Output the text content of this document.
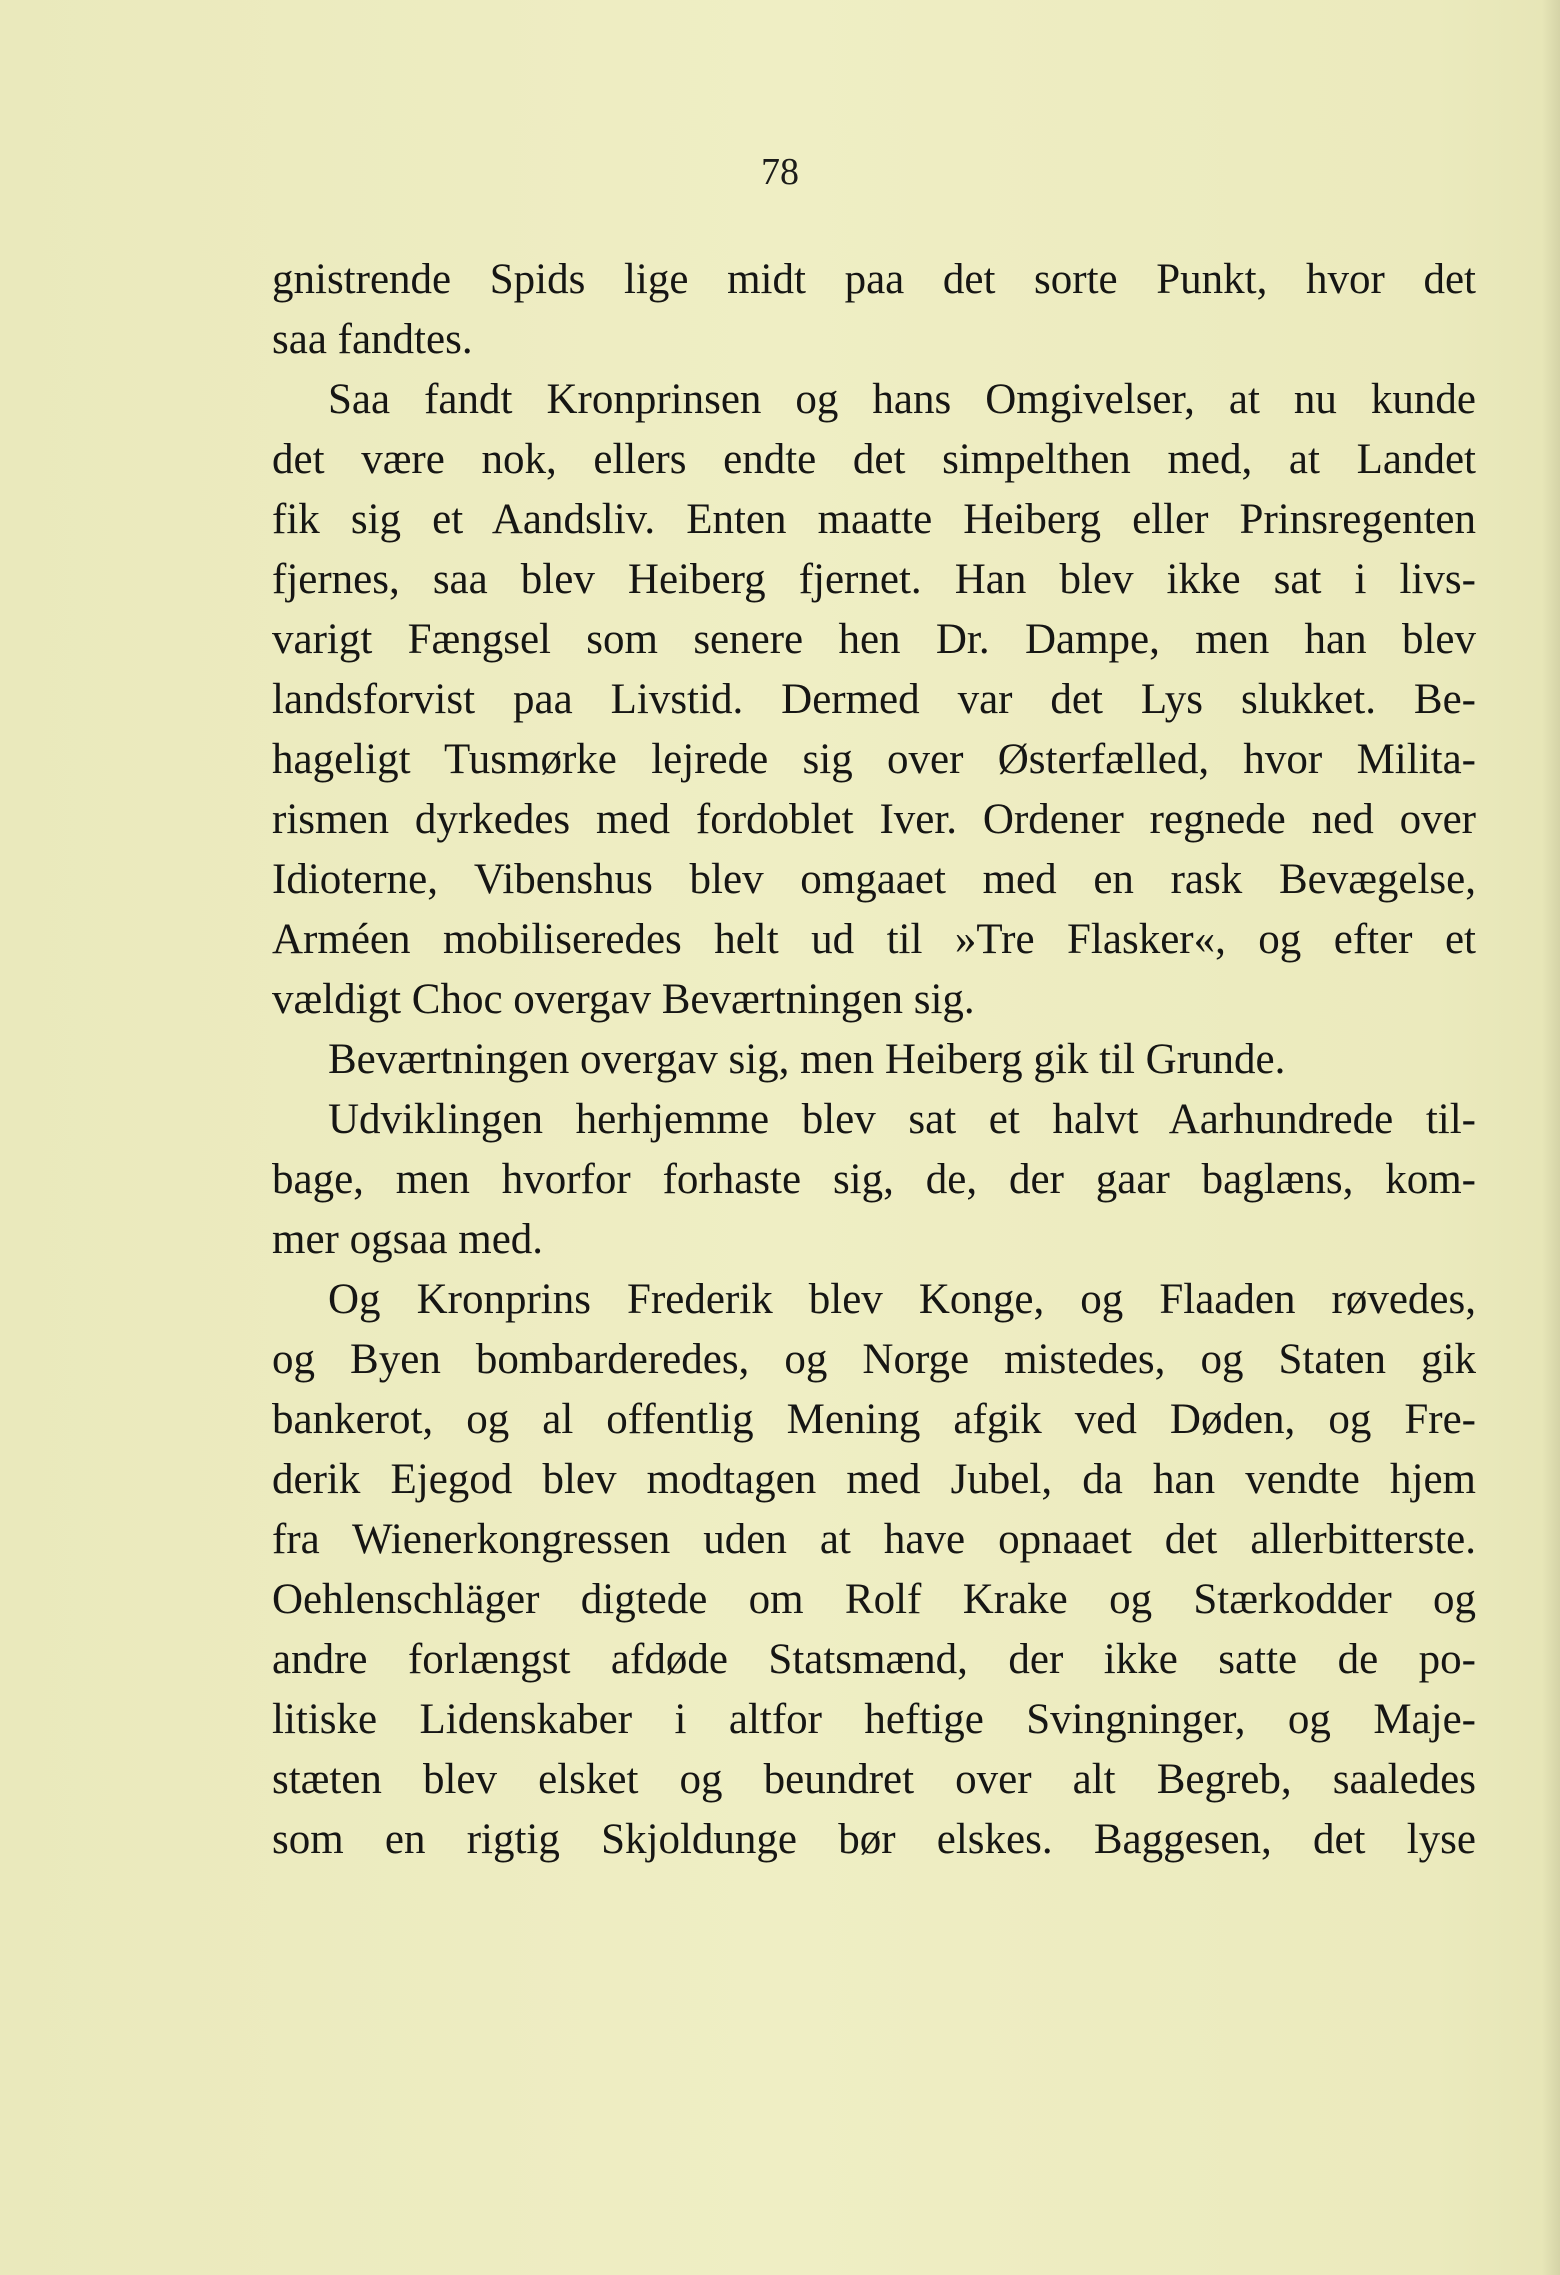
78
gnistrende Spids lige midt paa det sorte Punkt, hvor det
saa fandtes.
Saa fandt Kronprinsen og hans Omgivelser, at nu kunde
det være nok, ellers endte det simpelthen med, at Landet
fik sig et Aandsliv. Enten maatte Heiberg eller Prinsregenten
fjernes, saa blev Heiberg fjernet. Han blev ikke sat i livs-
varigt Fængsel som senere hen Dr. Dampe, men han blev
landsforvist paa Livstid. Dermed var det Lys slukket. Be-
hageligt Tusmørke lejrede sig over Østerfælled, hvor Milita-
rismen dyrkedes med fordoblet Iver. Ordener regnede ned over
Idioterne, Vibenshus blev omgaaet med en rask Bevægelse,
Arméen mobiliseredes helt ud til »Tre Flasker«, og efter et
vældigt Choc overgav Beværtningen sig.
Beværtningen overgav sig, men Heiberg gik til Grunde.
Udviklingen herhjemme blev sat et halvt Aarhundrede til-
bage, men hvorfor forhaste sig, de, der gaar baglæns, kom-
mer ogsaa med.
Og Kronprins Frederik blev Konge, og Flaaden røvedes,
og Byen bombarderedes, og Norge mistedes, og Staten gik
bankerot, og al offentlig Mening afgik ved Døden, og Fre-
derik Ejegod blev modtagen med Jubel, da han vendte hjem
fra Wienerkongressen uden at have opnaaet det allerbitterste.
Oehlenschläger digtede om Rolf Krake og Stærkodder og
andre forlængst afdøde Statsmænd, der ikke satte de po-
litiske Lidenskaber i altfor heftige Svingninger, og Maje-
stæten blev elsket og beundret over alt Begreb, saaledes
som en rigtig Skjoldunge bør elskes. Baggesen, det lyse
